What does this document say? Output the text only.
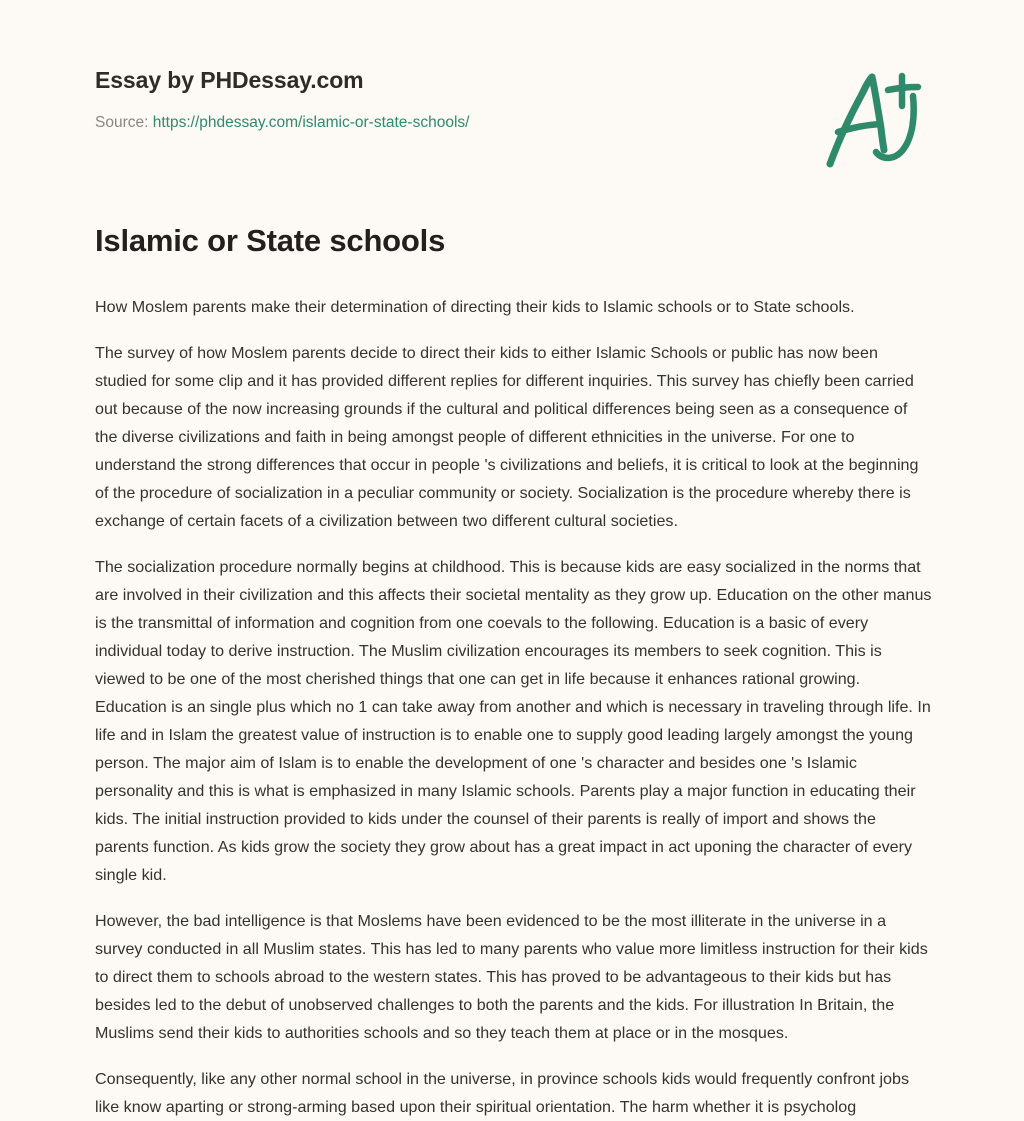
Essay by PHDessay.com
Source: https://phdessay.com/islamic-or-state-schools/
Islamic or State schools

How Moslem parents make their determination of directing their kids to Islamic schools or to State schools.

The survey of how Moslem parents decide to direct their kids to either Islamic Schools or public has now been studied for some clip and it has provided different replies for different inquiries. This survey has chiefly been carried out because of the now increasing grounds if the cultural and political differences being seen as a consequence of the diverse civilizations and faith in being amongst people of different ethnicities in the universe. For one to understand the strong differences that occur in people 's civilizations and beliefs, it is critical to look at the beginning of the procedure of socialization in a peculiar community or society. Socialization is the procedure whereby there is exchange of certain facets of a civilization between two different cultural societies.

The socialization procedure normally begins at childhood. This is because kids are easy socialized in the norms that are involved in their civilization and this affects their societal mentality as they grow up. Education on the other manus is the transmittal of information and cognition from one coevals to the following. Education is a basic of every individual today to derive instruction. The Muslim civilization encourages its members to seek cognition. This is viewed to be one of the most cherished things that one can get in life because it enhances rational growing. Education is an single plus which no 1 can take away from another and which is necessary in traveling through life. In life and in Islam the greatest value of instruction is to enable one to supply good leading largely amongst the young person. The major aim of Islam is to enable the development of one 's character and besides one 's Islamic personality and this is what is emphasized in many Islamic schools. Parents play a major function in educating their kids. The initial instruction provided to kids under the counsel of their parents is really of import and shows the parents function. As kids grow the society they grow about has a great impact in act uponing the character of every single kid.

However, the bad intelligence is that Moslems have been evidenced to be the most illiterate in the universe in a survey conducted in all Muslim states. This has led to many parents who value more limitless instruction for their kids to direct them to schools abroad to the western states. This has proved to be advantageous to their kids but has besides led to the debut of unobserved challenges to both the parents and the kids. For illustration In Britain, the Muslims send their kids to authorities schools and so they teach them at place or in the mosques.

Consequently, like any other normal school in the universe, in province schools kids would frequently confront jobs like know aparting or strong-arming based upon their spiritual orientation. The harm whether it is psycholog
